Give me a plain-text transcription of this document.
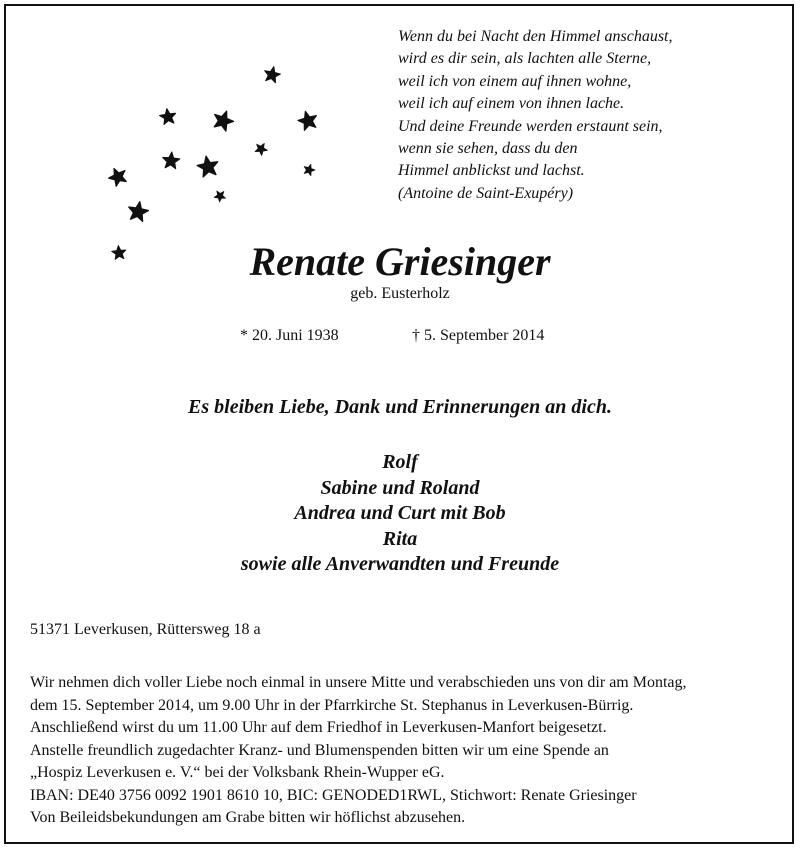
Wenn du bei Nacht den Himmel anschaust,
wird es dir sein, als lachten alle Sterne,
weil ich von einem auf ihnen wohne,
weil ich auf einem von ihnen lache.
Und deine Freunde werden erstaunt sein,
wenn sie sehen, dass du den
Himmel anblickst und lachst.
(Antoine de Saint-Exupéry)
Renate Griesinger
geb. Eusterholz
* 20. Juni 1938	† 5. September 2014
Es bleiben Liebe, Dank und Erinnerungen an dich.
Rolf
Sabine und Roland
Andrea und Curt mit Bob
Rita
sowie alle Anverwandten und Freunde
51371 Leverkusen, Rüttersweg 18 a
Wir nehmen dich voller Liebe noch einmal in unsere Mitte und verabschieden uns von dir am Montag,
dem 15. September 2014, um 9.00 Uhr in der Pfarrkirche St. Stephanus in Leverkusen-Bürrig.
Anschließend wirst du um 11.00 Uhr auf dem Friedhof in Leverkusen-Manfort beigesetzt.
Anstelle freundlich zugedachter Kranz- und Blumenspenden bitten wir um eine Spende an
„Hospiz Leverkusen e. V.“ bei der Volksbank Rhein-Wupper eG.
IBAN: DE40 3756 0092 1901 8610 10, BIC: GENODED1RWL, Stichwort: Renate Griesinger
Von Beileidsbekundungen am Grabe bitten wir höflichst abzusehen.
